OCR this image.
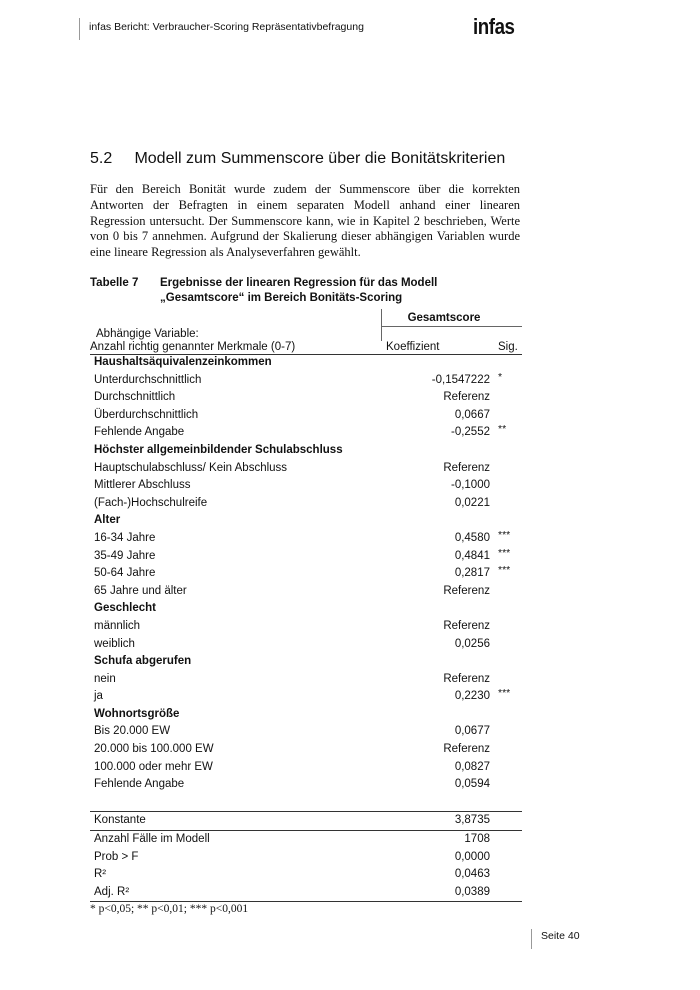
infas Bericht: Verbraucher-Scoring Repräsentativbefragung	infas
5.2 Modell zum Summenscore über die Bonitätskriterien

Für den Bereich Bonität wurde zudem der Summenscore über die korrekten Antworten der Befragten in einem separaten Modell anhand einer linearen Regression untersucht. Der Summenscore kann, wie in Kapitel 2 beschrieben, Werte von 0 bis 7 annehmen. Aufgrund der Skalierung dieser abhängigen Variablen wurde eine lineare Regression als Analyseverfahren gewählt.

Tabelle 7	Ergebnisse der linearen Regression für das Modell „Gesamtscore“ im Bereich Bonitäts-Scoring
Gesamtscore
Abhängige Variable:
Anzahl richtig genannter Merkmale (0-7)	Koeffizient	Sig.
Haushaltsäquivalenzeinkommen
Unterdurchschnittlich	-0,1547222 *
Durchschnittlich	Referenz
Überdurchschnittlich	0,0667
Fehlende Angabe	-0,2552 **
Höchster allgemeinbildender Schulabschluss
Hauptschulabschluss/ Kein Abschluss	Referenz
Mittlerer Abschluss	-0,1000
(Fach-)Hochschulreife	0,0221
Alter
16-34 Jahre	0,4580 ***
35-49 Jahre	0,4841 ***
50-64 Jahre	0,2817 ***
65 Jahre und älter	Referenz
Geschlecht
männlich	Referenz
weiblich	0,0256
Schufa abgerufen
nein	Referenz
ja	0,2230 ***
Wohnortsgröße
Bis 20.000 EW	0,0677
20.000 bis 100.000 EW	Referenz
100.000 oder mehr EW	0,0827
Fehlende Angabe	0,0594
Konstante	3,8735
Anzahl Fälle im Modell	1708
Prob > F	0,0000
R²	0,0463
Adj. R²	0,0389
* p<0,05; ** p<0,01; *** p<0,001
Seite 40
